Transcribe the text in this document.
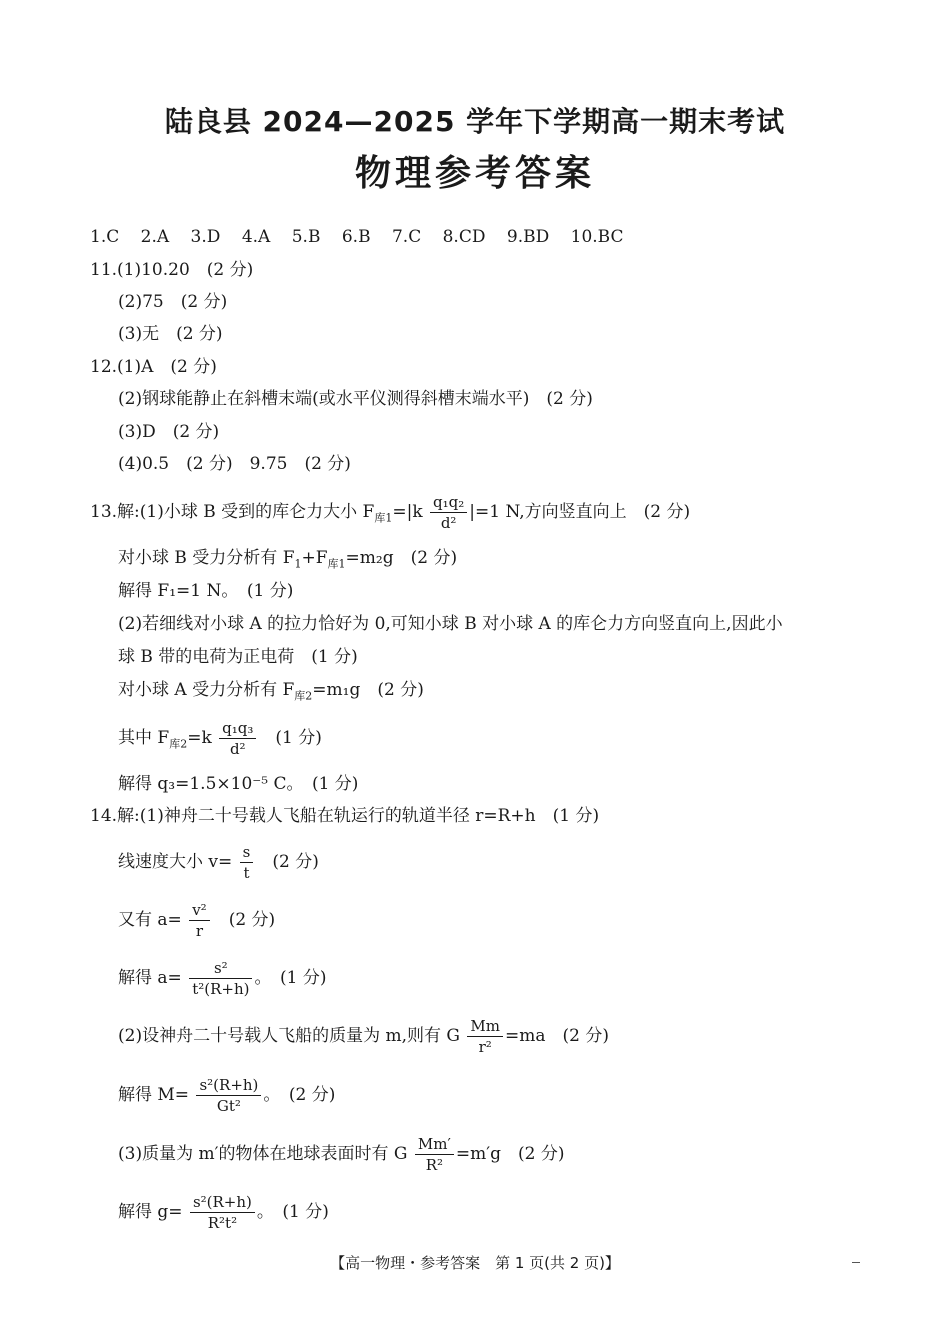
陆良县 2024—2025 学年下学期高一期末考试
物理参考答案
1.C 2.A 3.D 4.A 5.B 6.B 7.C 8.CD 9.BD 10.BC
11.(1)10.20　(2 分)
(2)75　(2 分)
(3)无　(2 分)
12.(1)A　(2 分)
(2)钢球能静止在斜槽末端(或水平仪测得斜槽末端水平)　(2 分)
(3)D　(2 分)
(4)0.5　(2 分)　9.75　(2 分)
13.解:(1)小球 B 受到的库仑力大小 $F_{库1}=|k \frac{\text{q₁q₂}}{\text{d²}} |=1$ N,方向竖直向上　(2 分)
对小球 B 受力分析有 $F_1+F_{库1}=m_2g$　(2 分)
解得 F₁=1 N。　(1 分)
(2)若细线对小球 A 的拉力恰好为 0,可知小球 B 对小球 A 的库仑力方向竖直向上,因此小
球 B 带的电荷为正电荷　(1 分)
对小球 A 受力分析有 $F_{库2}=m_1g$　(2 分)
其中 $F_{库2}=k \frac{\text{q₁q₃}}{\text{d²}}$ 　(1 分)
解得 q₃=1.5×10⁻⁵ C。　(1 分)
14.解:(1)神舟二十号载人飞船在轨运行的轨道半径 r=R+h　(1 分)
线速度大小 $v= \frac{s}{t}$ 　(2 分)
又有 $a= \frac{\text{v²}}{r}$ 　(2 分)
解得 $a= \frac{\text{s²}}{\text{t²(R+h)}}$ 。　(1 分)
(2)设神舟二十号载人飞船的质量为 m,则有 G $\frac{Mm}{\text{r²}} =ma$　(2 分)
解得 $M= \frac{\text{s²(R+h)}}{\text{Gt²}}$ 。　(2 分)
(3)质量为 m′的物体在地球表面时有 G $\frac{Mm'}{\text{R²}} =m'g$　(2 分)
解得 $g= \frac{\text{s²(R+h)}}{\text{R²t²}}$ 。　(1 分)
【高一物理・参考答案　第 1 页(共 2 页)】
